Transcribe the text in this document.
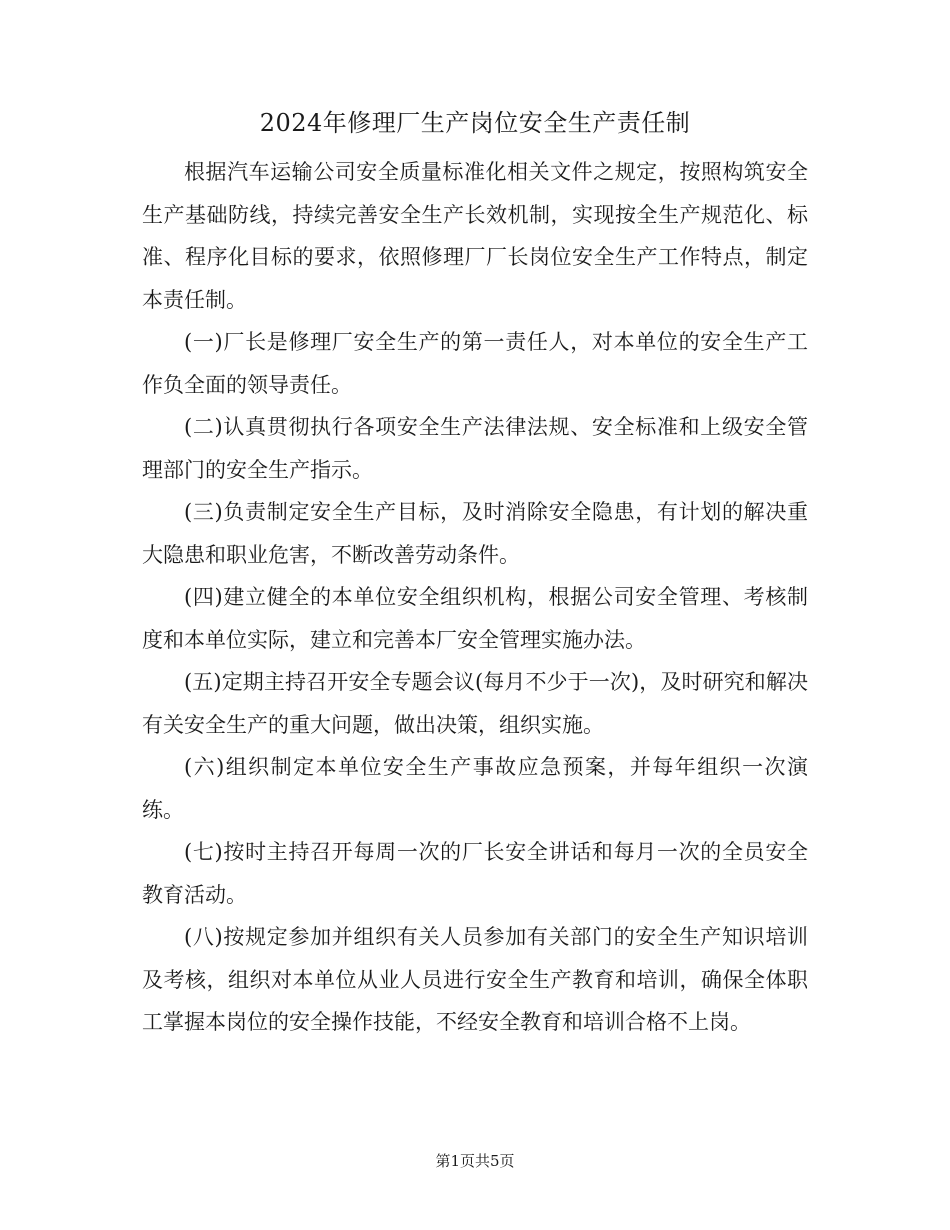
2024年修理厂生产岗位安全生产责任制

根据汽车运输公司安全质量标准化相关文件之规定，按照构筑安全生产基础防线，持续完善安全生产长效机制，实现按全生产规范化、标准、程序化目标的要求，依照修理厂厂长岗位安全生产工作特点，制定本责任制。

(一)厂长是修理厂安全生产的第一责任人，对本单位的安全生产工作负全面的领导责任。

(二)认真贯彻执行各项安全生产法律法规、安全标准和上级安全管理部门的安全生产指示。

(三)负责制定安全生产目标，及时消除安全隐患，有计划的解决重大隐患和职业危害，不断改善劳动条件。

(四)建立健全的本单位安全组织机构，根据公司安全管理、考核制度和本单位实际，建立和完善本厂安全管理实施办法。

(五)定期主持召开安全专题会议(每月不少于一次)，及时研究和解决有关安全生产的重大问题，做出决策，组织实施。

(六)组织制定本单位安全生产事故应急预案，并每年组织一次演练。

(七)按时主持召开每周一次的厂长安全讲话和每月一次的全员安全教育活动。

(八)按规定参加并组织有关人员参加有关部门的安全生产知识培训及考核，组织对本单位从业人员进行安全生产教育和培训，确保全体职工掌握本岗位的安全操作技能，不经安全教育和培训合格不上岗。

第1页共5页
